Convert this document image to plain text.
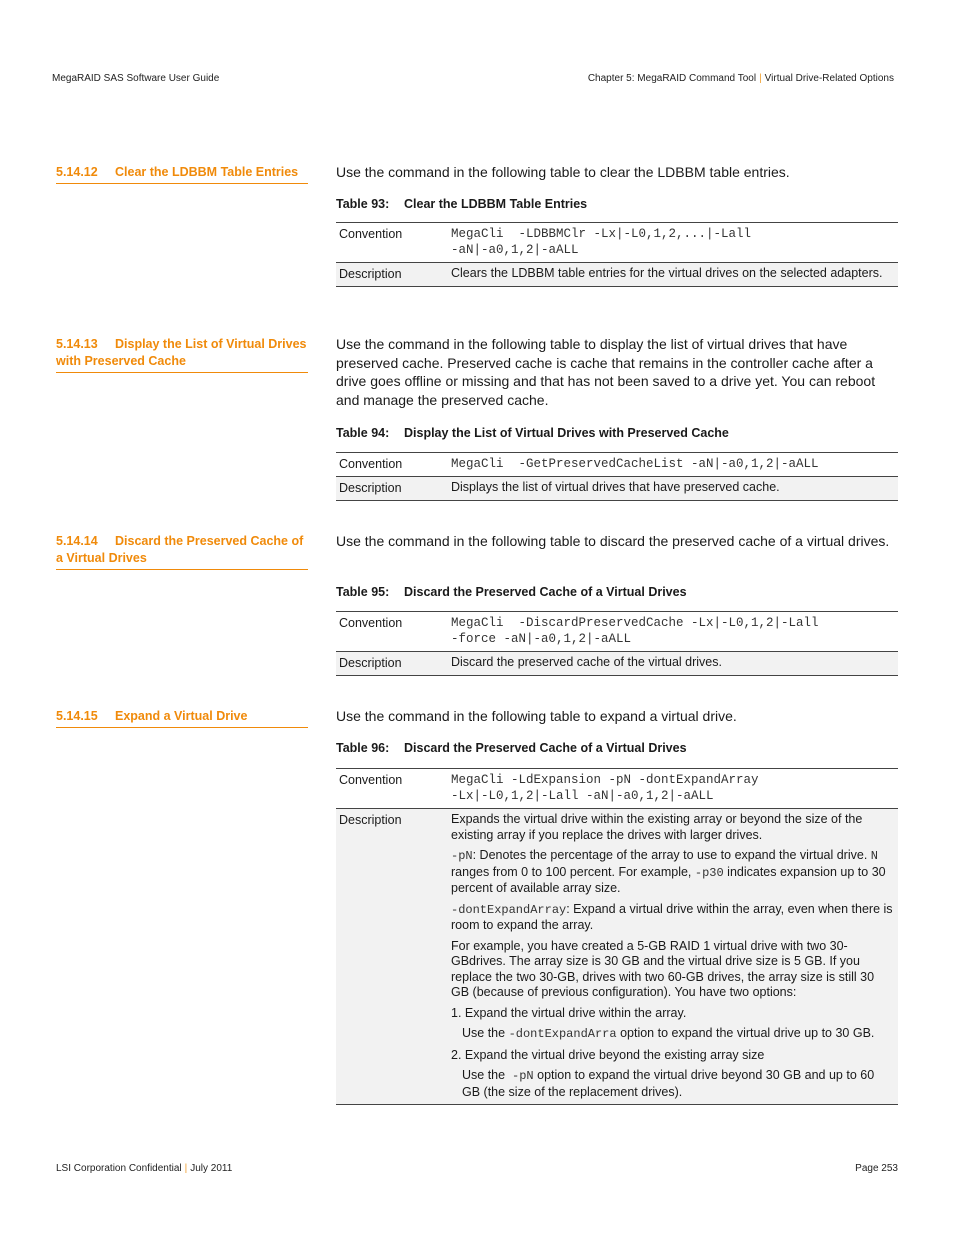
MegaRAID SAS Software User Guide	Chapter 5: MegaRAID Command Tool | Virtual Drive-Related Options
5.14.12 Clear the LDBBM Table Entries	Use the command in the following table to clear the LDBBM table entries.
Table 93: Clear the LDBBM Table Entries
Convention	MegaCli  -LDBBMClr -Lx|-L0,1,2,...|-Lall
-aN|-a0,1,2|-aALL
Description	Clears the LDBBM table entries for the virtual drives on the selected adapters.
5.14.13 Display the List of Virtual Drives with Preserved Cache
Use the command in the following table to display the list of virtual drives that have preserved cache. Preserved cache is cache that remains in the controller cache after a drive goes offline or missing and that has not been saved to a drive yet. You can reboot and manage the preserved cache.
Table 94: Display the List of Virtual Drives with Preserved Cache
Convention	MegaCli  -GetPreservedCacheList -aN|-a0,1,2|-aALL
Description	Displays the list of virtual drives that have preserved cache.
5.14.14 Discard the Preserved Cache of a Virtual Drives
Use the command in the following table to discard the preserved cache of a virtual drives.
Table 95: Discard the Preserved Cache of a Virtual Drives
Convention	MegaCli  -DiscardPreservedCache -Lx|-L0,1,2|-Lall
-force -aN|-a0,1,2|-aALL
Description	Discard the preserved cache of the virtual drives.
5.14.15 Expand a Virtual Drive	Use the command in the following table to expand a virtual drive.
Table 96: Discard the Preserved Cache of a Virtual Drives
Convention	MegaCli -LdExpansion -pN -dontExpandArray
-Lx|-L0,1,2|-Lall -aN|-a0,1,2|-aALL
Description	Expands the virtual drive within the existing array or beyond the size of the existing array if you replace the drives with larger drives.

-pN: Denotes the percentage of the array to use to expand the virtual drive. N ranges from 0 to 100 percent. For example, -p30 indicates expansion up to 30 percent of available array size.

-dontExpandArray: Expand a virtual drive within the array, even when there is room to expand the array.

For example, you have created a 5-GB RAID 1 virtual drive with two 30-GBdrives. The array size is 30 GB and the virtual drive size is 5 GB. If you replace the two 30-GB, drives with two 60-GB drives, the array size is still 30 GB (because of previous configuration). You have two options:

1. Expand the virtual drive within the array.

Use the -dontExpandArra option to expand the virtual drive up to 30 GB.

2. Expand the virtual drive beyond the existing array size

Use the  -pN option to expand the virtual drive beyond 30 GB and up to 60 GB (the size of the replacement drives).

LSI Corporation Confidential | July 2011	Page 253
